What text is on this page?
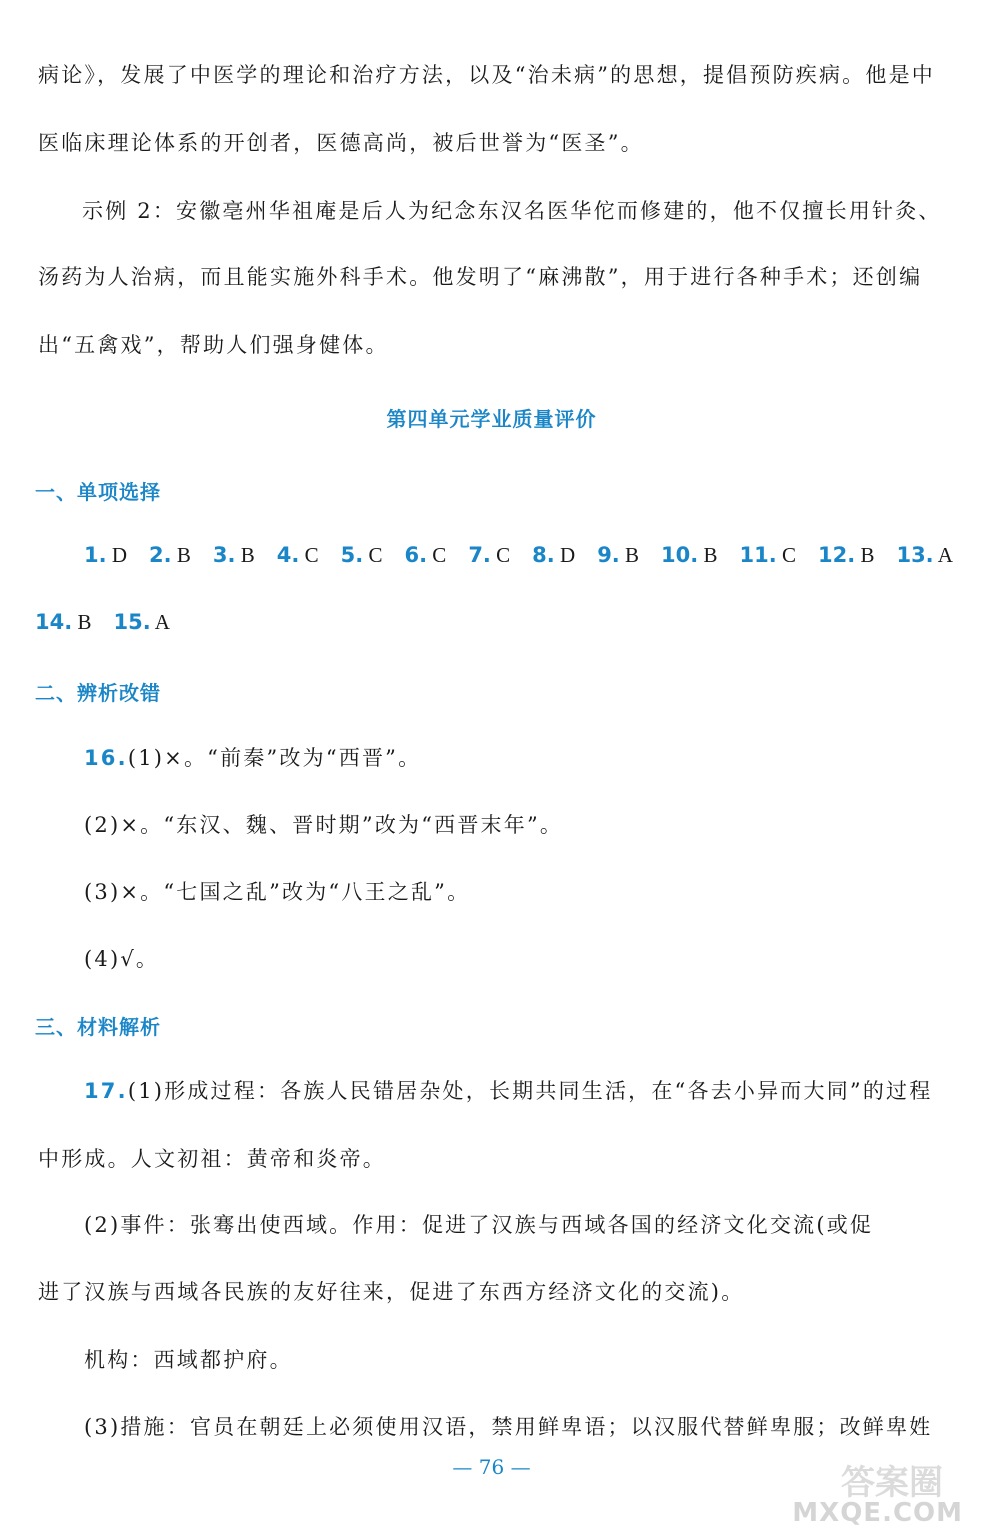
病论》，发展了中医学的理论和治疗方法，以及“治未病”的思想，提倡预防疾病。他是中
医临床理论体系的开创者，医德高尚，被后世誉为“医圣”。
示例 2：安徽亳州华祖庵是后人为纪念东汉名医华佗而修建的，他不仅擅长用针灸、
汤药为人治病，而且能实施外科手术。他发明了“麻沸散”，用于进行各种手术；还创编
出“五禽戏”，帮助人们强身健体。
第四单元学业质量评价
一、单项选择
1. D 2. B 3. B 4. C 5. C 6. C 7. C 8. D 9. B 10. B 11. C 12. B 13. A
14. B 15. A
二、辨析改错
16.(1)×。“前秦”改为“西晋”。
(2)×。“东汉、魏、晋时期”改为“西晋末年”。
(3)×。“七国之乱”改为“八王之乱”。
(4)√。
三、材料解析
17.(1)形成过程：各族人民错居杂处，长期共同生活，在“各去小异而大同”的过程
中形成。人文初祖：黄帝和炎帝。
(2)事件：张骞出使西域。作用：促进了汉族与西域各国的经济文化交流(或促
进了汉族与西域各民族的友好往来，促进了东西方经济文化的交流)。
机构：西域都护府。
(3)措施：官员在朝廷上必须使用汉语，禁用鲜卑语；以汉服代替鲜卑服；改鲜卑姓
— 76 —	答案圈
MXQE.COM
